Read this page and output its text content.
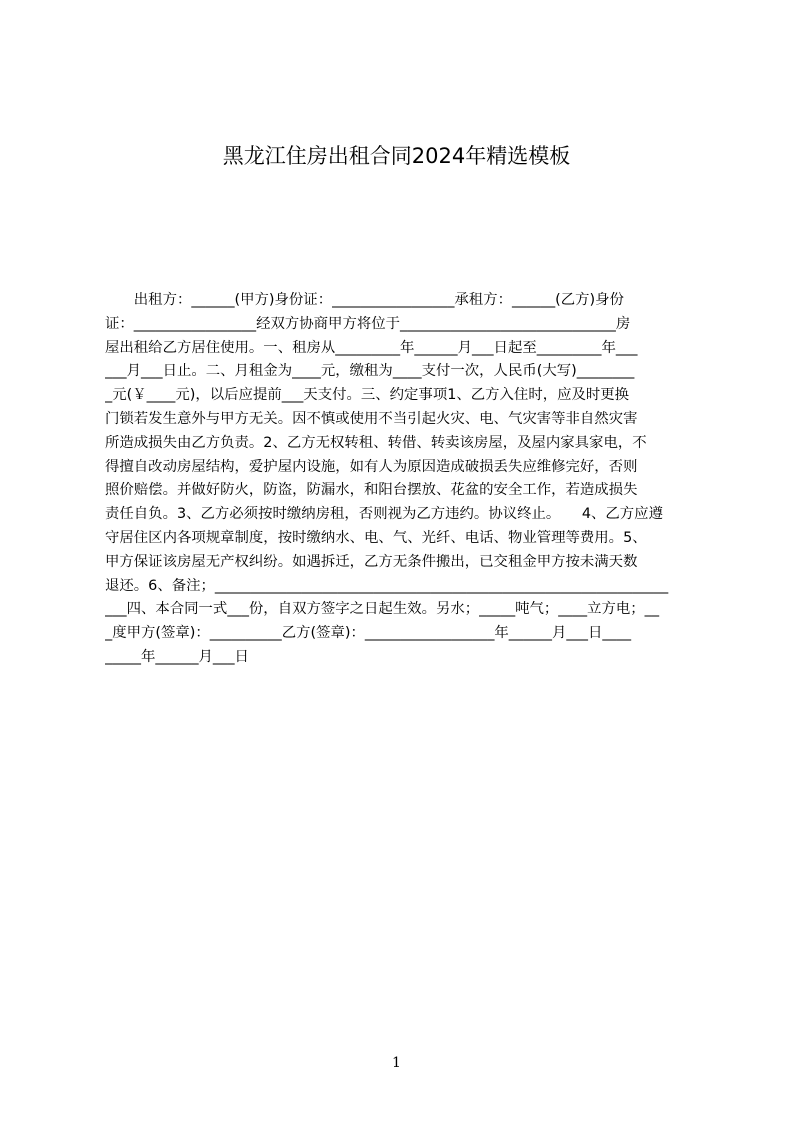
黑龙江住房出租合同2024年精选模板
　　出租方：______(甲方)身份证：_________________承租方：______(乙方)身份
证：_________________经双方协商甲方将位于______________________________房
屋出租给乙方居住使用。一、租房从_________年______月___日起至_________年___
___月___日止。二、月租金为____元，缴租为____支付一次，人民币(大写)________
_元(￥____元)，以后应提前___天支付。三、约定事项1、乙方入住时，应及时更换
门锁若发生意外与甲方无关。因不慎或使用不当引起火灾、电、气灾害等非自然灾害
所造成损失由乙方负责。2、乙方无权转租、转借、转卖该房屋，及屋内家具家电，不
得擅自改动房屋结构，爱护屋内设施，如有人为原因造成破损丢失应维修完好，否则
照价赔偿。并做好防火，防盗，防漏水，和阳台摆放、花盆的安全工作，若造成损失
责任自负。3、乙方必须按时缴纳房租，否则视为乙方违约。协议终止。　　4、乙方应遵
守居住区内各项规章制度，按时缴纳水、电、气、光纤、电话、物业管理等费用。5、
甲方保证该房屋无产权纠纷。如遇拆迁，乙方无条件搬出，已交租金甲方按未满天数
退还。6、备注；_______________________________________________________________
___四、本合同一式___份，自双方签字之日起生效。另水；_____吨气；____立方电；__
_度甲方(签章)：__________乙方(签章)：__________________年______月___日____
_____年______月___日
1
